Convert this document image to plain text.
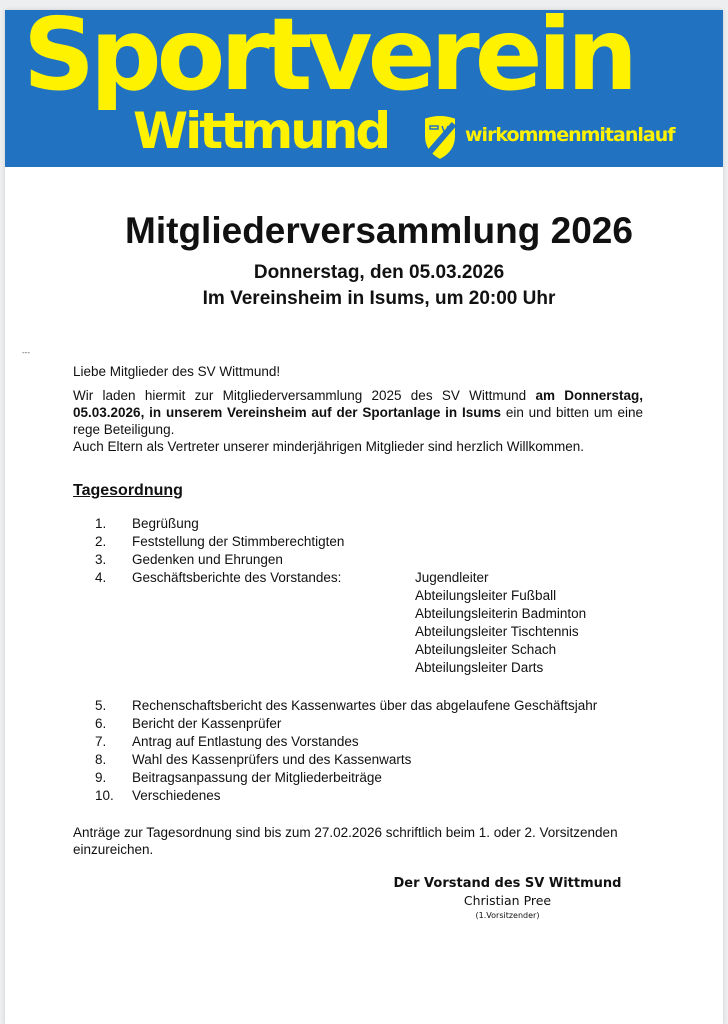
Sportverein
Wittmund	wirkommenmitanlauf
Mitgliederversammlung 2026
Donnerstag, den 05.03.2026
Im Vereinsheim in Isums, um 20:00 Uhr
---
Liebe Mitglieder des SV Wittmund!
Wir laden hiermit zur Mitgliederversammlung 2025 des SV Wittmund am Donnerstag, 05.03.2026, in unserem Vereinsheim auf der Sportanlage in Isums ein und bitten um eine rege Beteiligung.
Auch Eltern als Vertreter unserer minderjährigen Mitglieder sind herzlich Willkommen.
Tagesordnung
1. Begrüßung
2. Feststellung der Stimmberechtigten
3. Gedenken und Ehrungen
4. Geschäftsberichte des Vorstandes:
5. Rechenschaftsbericht des Kassenwartes über das abgelaufene Geschäftsjahr
6. Bericht der Kassenprüfer
7. Antrag auf Entlastung des Vorstandes
8. Wahl des Kassenprüfers und des Kassenwarts
9. Beitragsanpassung der Mitgliederbeiträge
10. Verschiedenes
Jugendleiter
Abteilungsleiter Fußball
Abteilungsleiterin Badminton
Abteilungsleiter Tischtennis
Abteilungsleiter Schach
Abteilungsleiter Darts
Anträge zur Tagesordnung sind bis zum 27.02.2026 schriftlich beim 1. oder 2. Vorsitzenden einzureichen.
Der Vorstand des SV Wittmund
Christian Pree
(1.Vorsitzender)
